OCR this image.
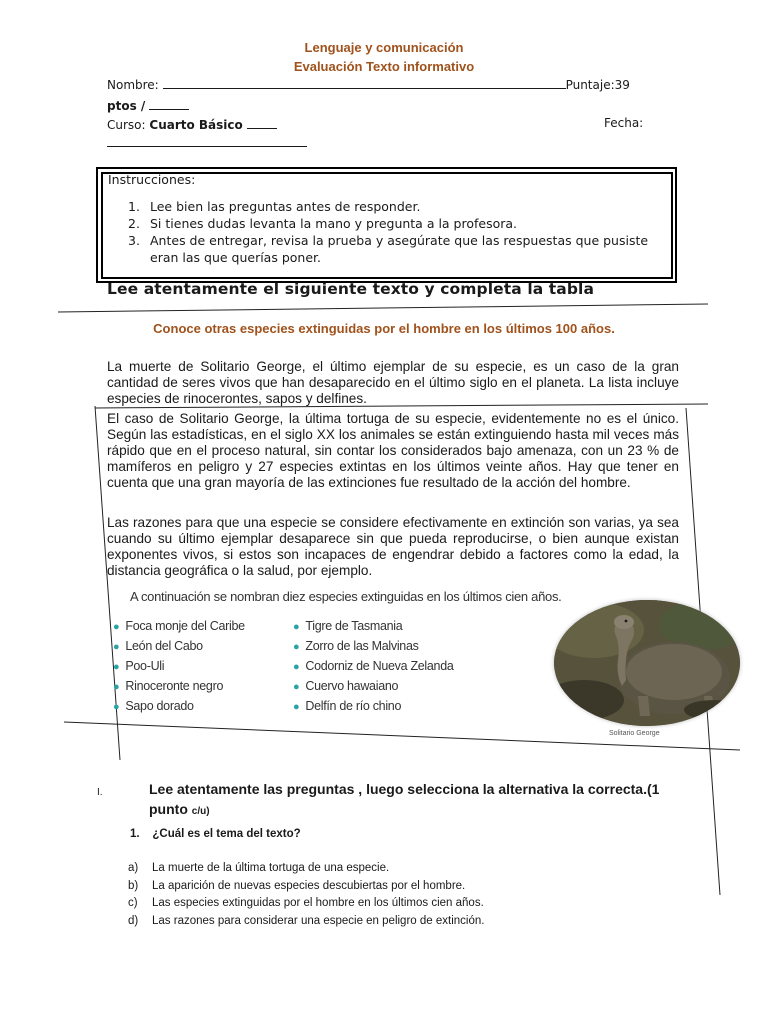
Lenguaje y comunicación
Evaluación Texto informativo
Nombre:	Puntaje:39
ptos /
Curso: Cuarto Básico	Fecha:
Instrucciones:
1. Lee bien las preguntas antes de responder.
2. Si tienes dudas levanta la mano y pregunta a la profesora.
3. Antes de entregar, revisa la prueba y asegúrate que las respuestas que pusiste eran las que querías poner.
Lee atentamente el siguiente texto y completa la tabla
Conoce otras especies extinguidas por el hombre en los últimos 100 años.
La muerte de Solitario George, el último ejemplar de su especie, es un caso de la gran cantidad de seres vivos que han desaparecido en el último siglo en el planeta. La lista incluye especies de rinocerontes, sapos y delfines.
El caso de Solitario George, la última tortuga de su especie, evidentemente no es el único. Según las estadísticas, en el siglo XX los animales se están extinguiendo hasta mil veces más rápido que en el proceso natural, sin contar los considerados bajo amenaza, con un 23 % de mamíferos en peligro y 27 especies extintas en los últimos veinte años. Hay que tener en cuenta que una gran mayoría de las extinciones fue resultado de la acción del hombre.
Las razones para que una especie se considere efectivamente en extinción son varias, ya sea cuando su último ejemplar desaparece sin que pueda reproducirse, o bien aunque existan exponentes vivos, si estos son incapaces de engendrar debido a factores como la edad, la distancia geográfica o la salud, por ejemplo.
A continuación se nombran diez especies extinguidas en los últimos cien años.
● Foca monje del Caribe
● León del Cabo
● Poo-Uli
● Rinoceronte negro
● Sapo dorado
● Tigre de Tasmania
● Zorro de las Malvinas
● Codorniz de Nueva Zelanda
● Cuervo hawaiano
● Delfín de río chino
Solitario George
I.	Lee atentamente las preguntas , luego selecciona la alternativa la correcta.(1 punto c/u)
1. ¿Cuál es el tema del texto?
a) La muerte de la última tortuga de una especie.
b) La aparición de nuevas especies descubiertas por el hombre.
c) Las especies extinguidas por el hombre en los últimos cien años.
d) Las razones para considerar una especie en peligro de extinción.
